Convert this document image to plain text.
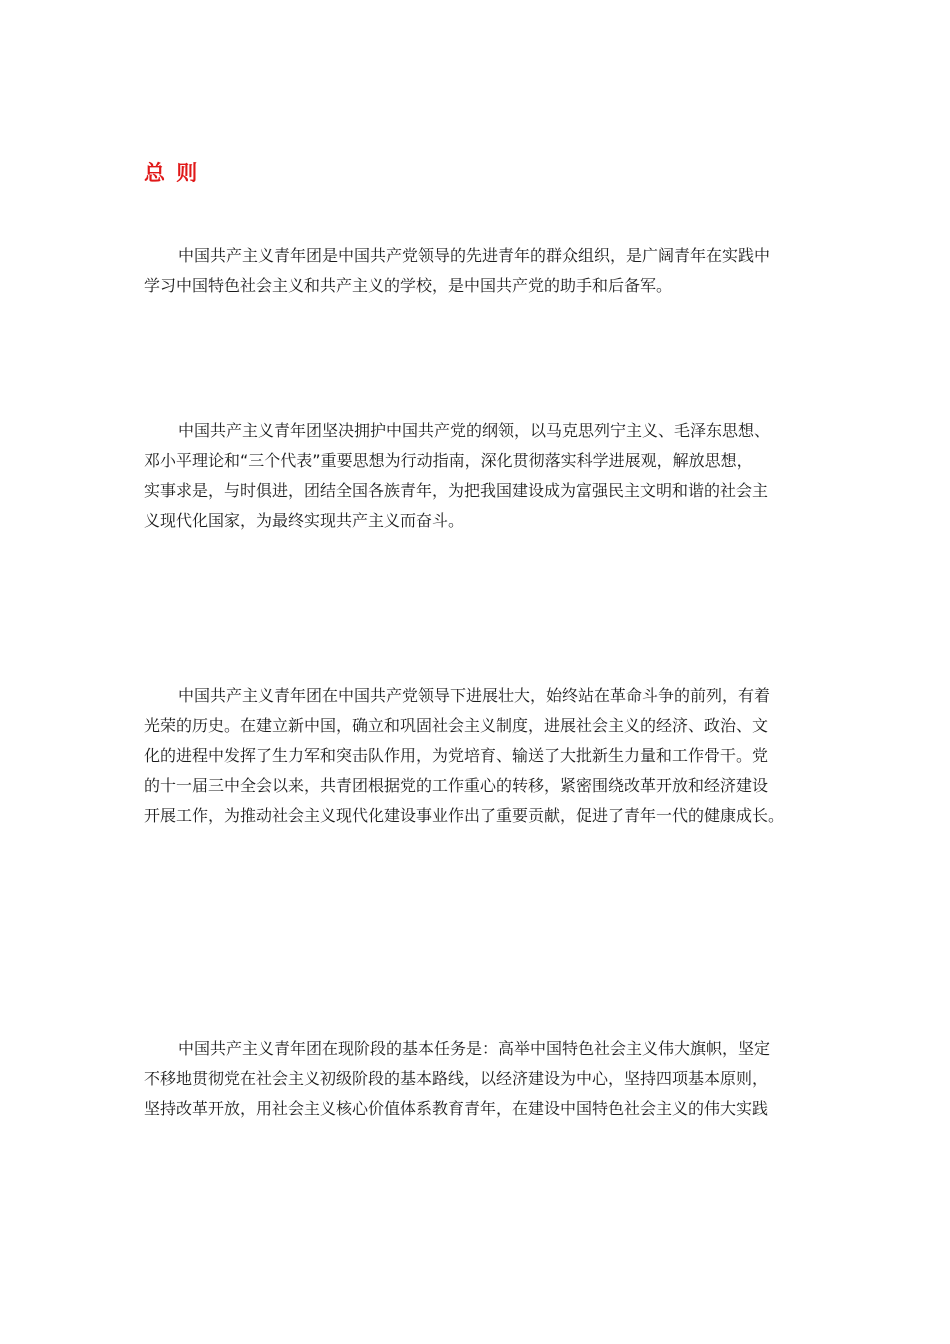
总 则
中国共产主义青年团是中国共产党领导的先进青年的群众组织，是广阔青年在实践中
学习中国特色社会主义和共产主义的学校，是中国共产党的助手和后备军。
中国共产主义青年团坚决拥护中国共产党的纲领，以马克思列宁主义、毛泽东思想、
邓小平理论和“三个代表”重要思想为行动指南，深化贯彻落实科学进展观，解放思想，
实事求是，与时俱进，团结全国各族青年，为把我国建设成为富强民主文明和谐的社会主
义现代化国家，为最终实现共产主义而奋斗。
中国共产主义青年团在中国共产党领导下进展壮大，始终站在革命斗争的前列，有着
光荣的历史。在建立新中国，确立和巩固社会主义制度，进展社会主义的经济、政治、文
化的进程中发挥了生力军和突击队作用，为党培育、输送了大批新生力量和工作骨干。党
的十一届三中全会以来，共青团根据党的工作重心的转移，紧密围绕改革开放和经济建设
开展工作，为推动社会主义现代化建设事业作出了重要贡献，促进了青年一代的健康成长。
中国共产主义青年团在现阶段的基本任务是：高举中国特色社会主义伟大旗帜，坚定
不移地贯彻党在社会主义初级阶段的基本路线，以经济建设为中心，坚持四项基本原则，
坚持改革开放，用社会主义核心价值体系教育青年，在建设中国特色社会主义的伟大实践
